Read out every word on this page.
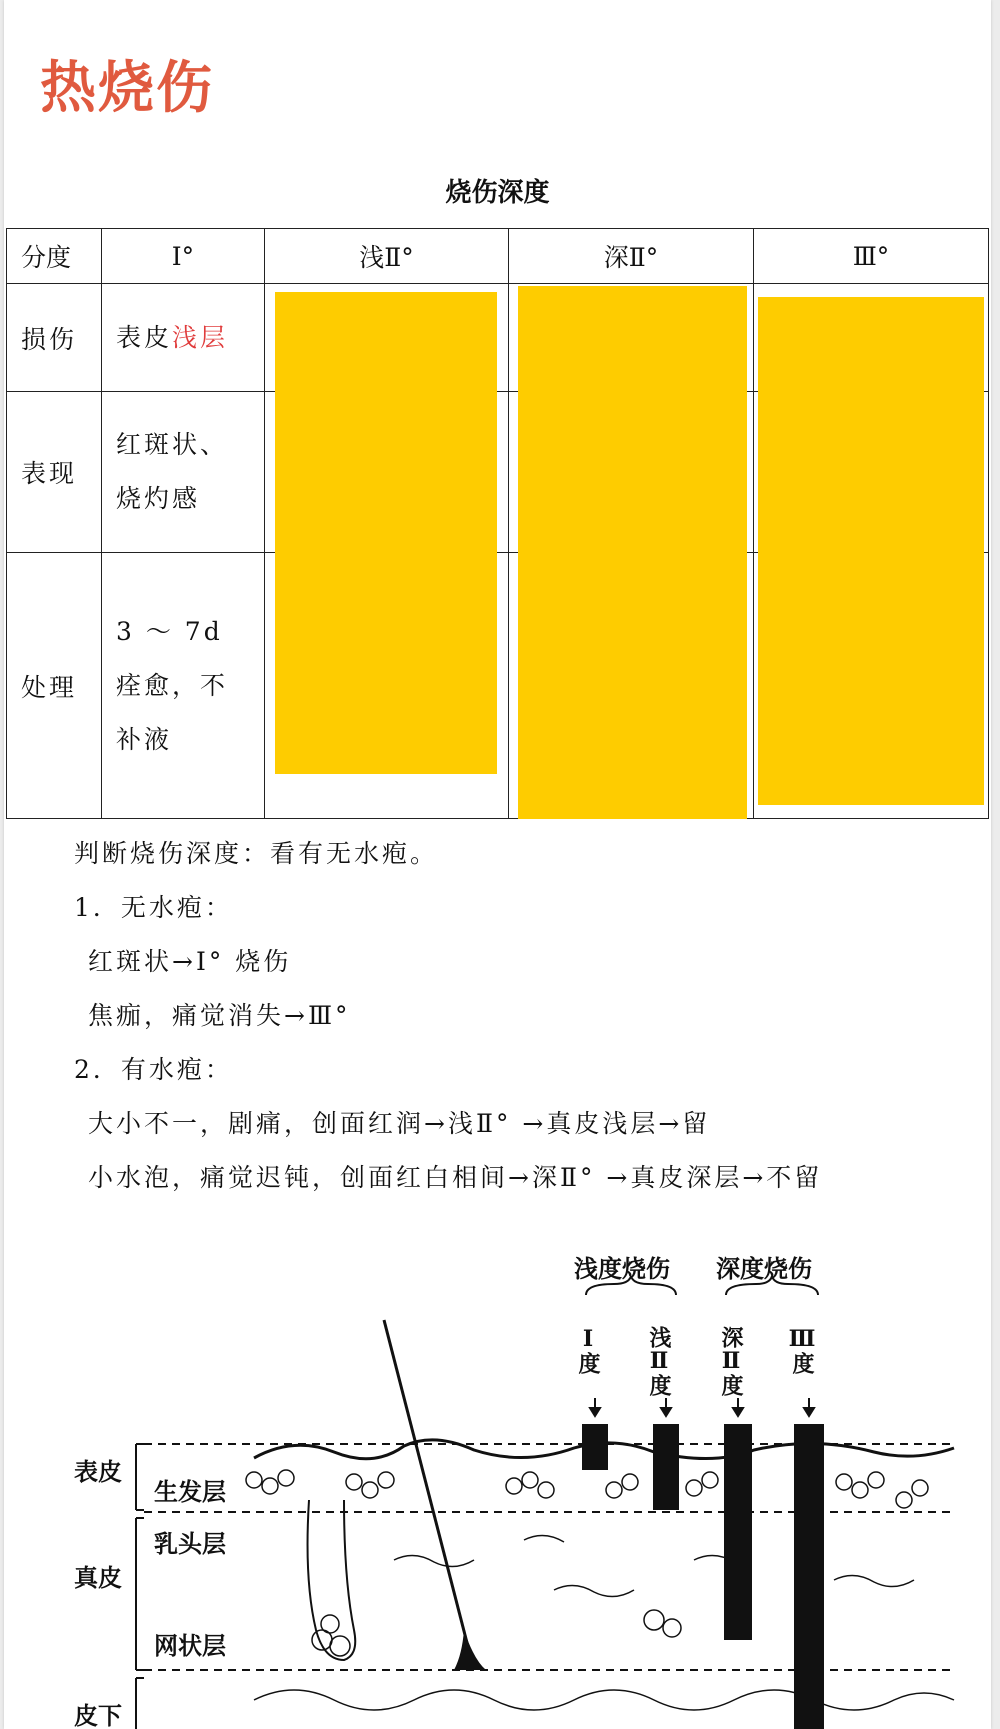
热烧伤
烧伤深度
分度	Ⅰ°	浅Ⅱ°	深Ⅱ°	Ⅲ°
损伤	表皮浅层			
表现	红斑状、烧灼感			
处理	3 ～ 7d 痊愈，不补液			
判断烧伤深度：看有无水疱。
1．无水疱：
红斑状→Ⅰ° 烧伤
焦痂，痛觉消失→Ⅲ°
2．有水疱：
大小不一，剧痛，创面红润→浅Ⅱ° →真皮浅层→留
小水泡，痛觉迟钝，创面红白相间→深Ⅱ° →真皮深层→不留
浅度烧伤 深度烧伤
Ⅰ度 浅Ⅱ度 深Ⅱ度 Ⅲ度
表皮
生发层
乳头层
真皮
网状层
皮下
